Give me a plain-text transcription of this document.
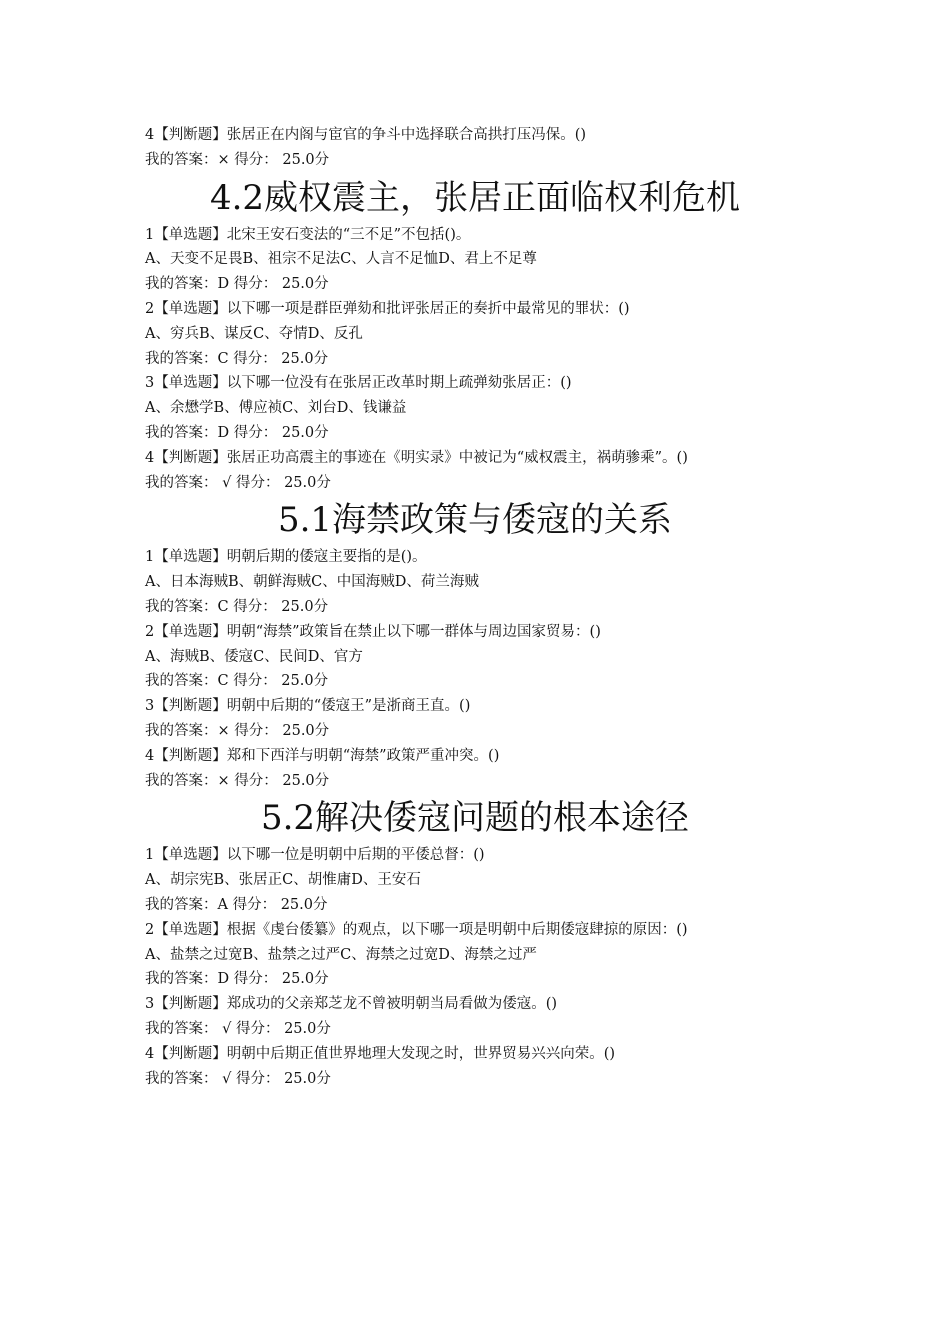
4【判断题】张居正在内阁与宦官的争斗中选择联合高拱打压冯保。()
我的答案：× 得分： 25.0分
4.2威权震主，张居正面临权利危机
1【单选题】北宋王安石变法的“三不足”不包括()。
A、天变不足畏B、祖宗不足法C、人言不足恤D、君上不足尊
我的答案：D 得分： 25.0分
2【单选题】以下哪一项是群臣弹劾和批评张居正的奏折中最常见的罪状：()
A、穷兵B、谋反C、夺情D、反孔
我的答案：C 得分： 25.0分
3【单选题】以下哪一位没有在张居正改革时期上疏弹劾张居正：()
A、余懋学B、傅应祯C、刘台D、钱谦益
我的答案：D 得分： 25.0分
4【判断题】张居正功高震主的事迹在《明实录》中被记为“威权震主，祸萌骖乘”。()
我的答案： √ 得分： 25.0分
5.1海禁政策与倭寇的关系
1【单选题】明朝后期的倭寇主要指的是()。
A、日本海贼B、朝鲜海贼C、中国海贼D、荷兰海贼
我的答案：C 得分： 25.0分
2【单选题】明朝“海禁”政策旨在禁止以下哪一群体与周边国家贸易：()
A、海贼B、倭寇C、民间D、官方
我的答案：C 得分： 25.0分
3【判断题】明朝中后期的“倭寇王”是浙商王直。()
我的答案：× 得分： 25.0分
4【判断题】郑和下西洋与明朝“海禁”政策严重冲突。()
我的答案：× 得分： 25.0分
5.2解决倭寇问题的根本途径
1【单选题】以下哪一位是明朝中后期的平倭总督：()
A、胡宗宪B、张居正C、胡惟庸D、王安石
我的答案：A 得分： 25.0分
2【单选题】根据《虔台倭纂》的观点，以下哪一项是明朝中后期倭寇肆掠的原因：()
A、盐禁之过宽B、盐禁之过严C、海禁之过宽D、海禁之过严
我的答案：D 得分： 25.0分
3【判断题】郑成功的父亲郑芝龙不曾被明朝当局看做为倭寇。()
我的答案： √ 得分： 25.0分
4【判断题】明朝中后期正值世界地理大发现之时，世界贸易兴兴向荣。()
我的答案： √ 得分： 25.0分
